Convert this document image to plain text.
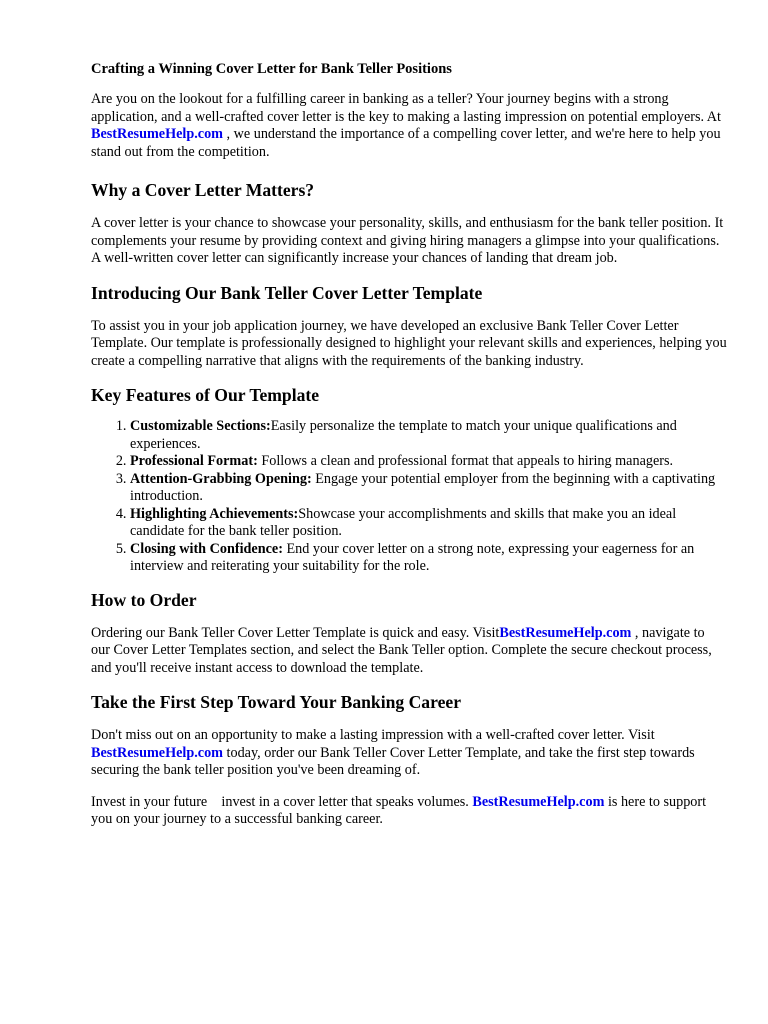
Crafting a Winning Cover Letter for Bank Teller Positions

Are you on the lookout for a fulfilling career in banking as a teller? Your journey begins with a strong application, and a well-crafted cover letter is the key to making a lasting impression on potential employers. At BestResumeHelp.com , we understand the importance of a compelling cover letter, and we're here to help you stand out from the competition.

Why a Cover Letter Matters?

A cover letter is your chance to showcase your personality, skills, and enthusiasm for the bank teller position. It complements your resume by providing context and giving hiring managers a glimpse into your qualifications. A well-written cover letter can significantly increase your chances of landing that dream job.

Introducing Our Bank Teller Cover Letter Template

To assist you in your job application journey, we have developed an exclusive Bank Teller Cover Letter Template. Our template is professionally designed to highlight your relevant skills and experiences, helping you create a compelling narrative that aligns with the requirements of the banking industry.

Key Features of Our Template
1. Customizable Sections:Easily personalize the template to match your unique qualifications and experiences.
2. Professional Format: Follows a clean and professional format that appeals to hiring managers.
3. Attention-Grabbing Opening: Engage your potential employer from the beginning with a captivating introduction.
4. Highlighting Achievements:Showcase your accomplishments and skills that make you an ideal candidate for the bank teller position.
5. Closing with Confidence: End your cover letter on a strong note, expressing your eagerness for an interview and reiterating your suitability for the role.
How to Order

Ordering our Bank Teller Cover Letter Template is quick and easy. VisitBestResumeHelp.com , navigate to our Cover Letter Templates section, and select the Bank Teller option. Complete the secure checkout process, and you'll receive instant access to download the template.

Take the First Step Toward Your Banking Career

Don't miss out on an opportunity to make a lasting impression with a well-crafted cover letter. Visit BestResumeHelp.com today, order our Bank Teller Cover Letter Template, and take the first step towards securing the bank teller position you've been dreaming of.

Invest in your future    invest in a cover letter that speaks volumes. BestResumeHelp.com is here to support you on your journey to a successful banking career.
